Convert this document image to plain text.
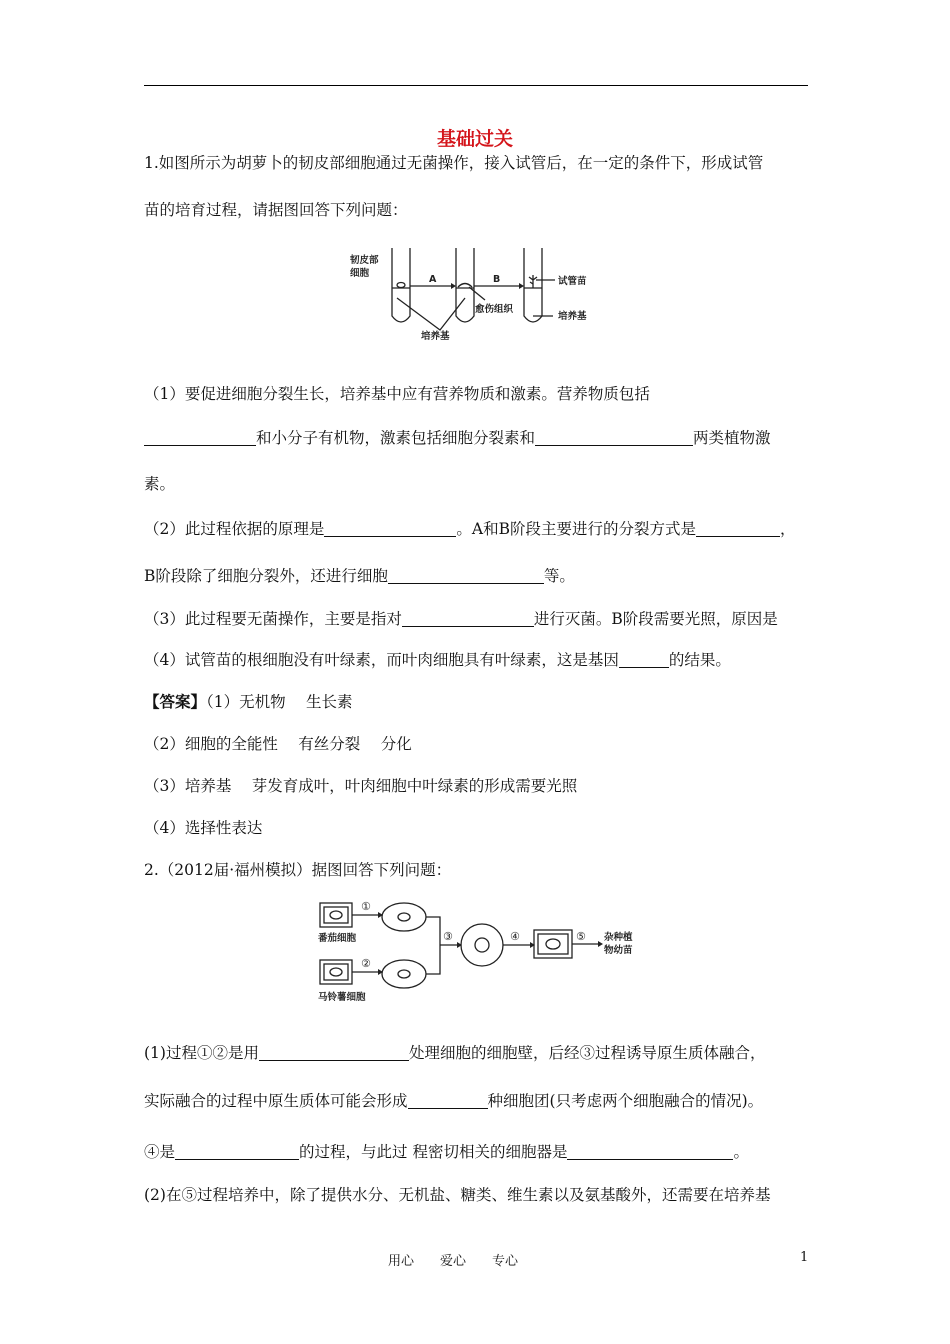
基础过关
1.如图所示为胡萝卜的韧皮部细胞通过无菌操作，接入试管后，在一定的条件下，形成试管
苗的培育过程，请据图回答下列问题：
韧皮部
细胞
A	B
愈伤组织
试管苗
培养基
培养基
（1）要促进细胞分裂生长，培养基中应有营养物质和激素。营养物质包括
和小分子有机物，激素包括细胞分裂素和	两类植物激
素。
（2）此过程依据的原理是	。A和B阶段主要进行的分裂方式是	，
B阶段除了细胞分裂外，还进行细胞	等。
（3）此过程要无菌操作，主要是指对	进行灭菌。B阶段需要光照，原因是
（4）试管苗的根细胞没有叶绿素，而叶肉细胞具有叶绿素，这是基因	的结果。
【答案】（1）无机物　 生长素
（2）细胞的全能性　 有丝分裂　 分化
（3）培养基　 芽发育成叶，叶肉细胞中叶绿素的形成需要光照
（4）选择性表达
2.（2012届·福州模拟）据图回答下列问题：
①
②
③	④	⑤
番茄细胞
马铃薯细胞
杂种植
物幼苗
(1)过程①②是用	处理细胞的细胞壁，后经③过程诱导原生质体融合，
实际融合的过程中原生质体可能会形成	种细胞团(只考虑两个细胞融合的情况)。
④是	的过程，与此过 程密切相关的细胞器是	。
(2)在⑤过程培养中，除了提供水分、无机盐、糖类、维生素以及氨基酸外，还需要在培养基
用心　　爱心　　专心	1
